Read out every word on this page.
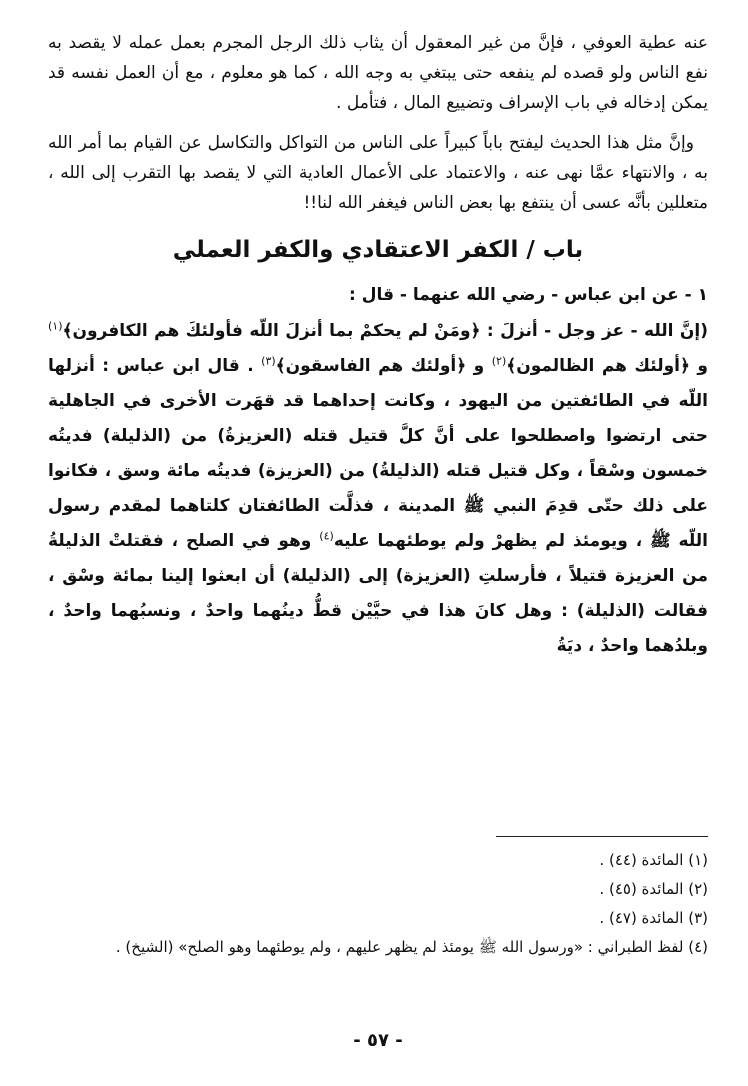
عنه عطية العوفي ، فإنَّ من غير المعقول أن يثاب ذلك الرجل المجرم بعمل عمله لا يقصد به نفع الناس ولو قصده لم ينفعه حتى يبتغي به وجه الله ، كما هو معلوم ، مع أن العمل نفسه قد يمكن إدخاله في باب الإسراف وتضييع المال ، فتأمل .

وإنَّ مثل هذا الحديث ليفتح باباً كبيراً على الناس من التواكل والتكاسل عن القيام بما أمر الله به ، والانتهاء عمَّا نهى عنه ، والاعتماد على الأعمال العادية التي لا يقصد بها التقرب إلى الله ، متعللين بأنَّه عسى أن ينتفع بها بعض الناس فيغفر الله لنا!!

باب / الكفر الاعتقادي والكفر العملي

١ - عن ابن عباس - رضي الله عنهما - قال :

(إنَّ الله - عز وجل - أنزلَ : ﴿ومَنْ لم يحكمْ بما أنزلَ اللّه فأولئكَ هم الكافرون﴾$^{(١)}$ و ﴿أولئك هم الظالمون﴾$^{(٢)}$ و ﴿أولئك هم الفاسقون﴾$^{(٣)}$ . قال ابن عباس : أنزلها اللّه في الطائفتين من اليهود ، وكانت إحداهما قد قهَرت الأخرى في الجاهلية حتى ارتضوا واصطلحوا على أنَّ كلَّ قتيل قتله (العزيزةُ) من (الذليلة) فديتُه خمسون وسْقاً ، وكل قتيل قتله (الذليلةُ) من (العزيزة) فديتُه مائة وسق ، فكانوا على ذلك حتّى قدِمَ النبي ﷺ المدينة ، فذلَّت الطائفتان كلتاهما لمقدم رسول اللّه ﷺ ، ويومئذ لم يظهرْ ولم يوطئهما عليه$^{(٤)}$ وهو في الصلح ، فقتلتْ الذليلةُ من العزيزة قتيلاً ، فأرسلتِ (العزيزة) إلى (الذليلة) أن ابعثوا إلينا بمائة وسْق ، فقالت (الذليلة) : وهل كانَ هذا في حيَّيْن قطُّ دينُهما واحدٌ ، ونسبُهما واحدٌ ، وبلدُهما واحدٌ ، ديَةُ

(١) المائدة (٤٤) .
(٢) المائدة (٤٥) .
(٣) المائدة (٤٧) .
(٤) لفظ الطبراني : «ورسول الله ﷺ يومئذ لم يظهر عليهم ، ولم يوطئهما وهو الصلح» (الشيخ) .
- ٥٧ -
